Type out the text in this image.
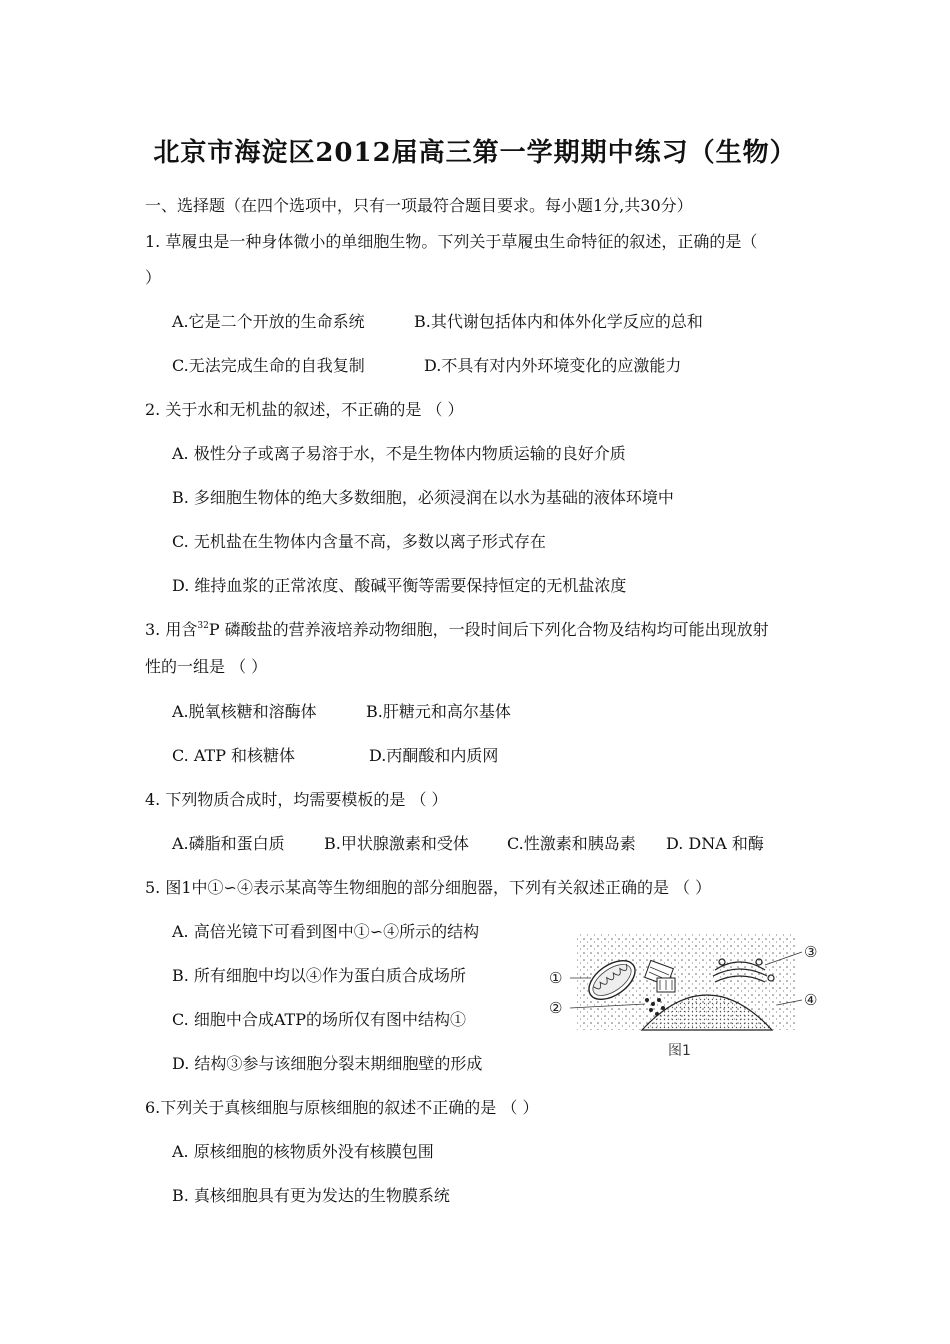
北京市海淀区2012届高三第一学期期中练习（生物）
一、选择题（在四个选项中，只有一项最符合题目要求。每小题1分,共30分）
1. 草履虫是一种身体微小的单细胞生物。下列关于草履虫生命特征的叙述，正确的是（
）
A.它是二个开放的生命系统	B.其代谢包括体内和体外化学反应的总和
C.无法完成生命的自我复制	D.不具有对内外环境变化的应激能力
2. 关于水和无机盐的叙述，不正确的是 （ ）
A. 极性分子或离子易溶于水，不是生物体内物质运输的良好介质
B. 多细胞生物体的绝大多数细胞，必须浸润在以水为基础的液体环境中
C. 无机盐在生物体内含量不高，多数以离子形式存在
D. 维持血浆的正常浓度、酸碱平衡等需要保持恒定的无机盐浓度
3. 用含$^{32}$P 磷酸盐的营养液培养动物细胞，一段时间后下列化合物及结构均可能出现放射
性的一组是 （ ）
A.脱氧核糖和溶酶体	B.肝糖元和高尔基体
C. ATP 和核糖体	D.丙酮酸和内质网
4. 下列物质合成时，均需要模板的是 （ ）
A.磷脂和蛋白质 B.甲状腺激素和受体 C.性激素和胰岛素 D. DNA 和酶
5. 图1中①∽④表示某高等生物细胞的部分细胞器，下列有关叙述正确的是 （ ）
A. 高倍光镜下可看到图中①∽④所示的结构
B. 所有细胞中均以④作为蛋白质合成场所
C. 细胞中合成ATP的场所仅有图中结构①
D. 结构③参与该细胞分裂末期细胞壁的形成
①
②
③
④
图1
6.下列关于真核细胞与原核细胞的叙述不正确的是 （ ）
A. 原核细胞的核物质外没有核膜包围
B. 真核细胞具有更为发达的生物膜系统
